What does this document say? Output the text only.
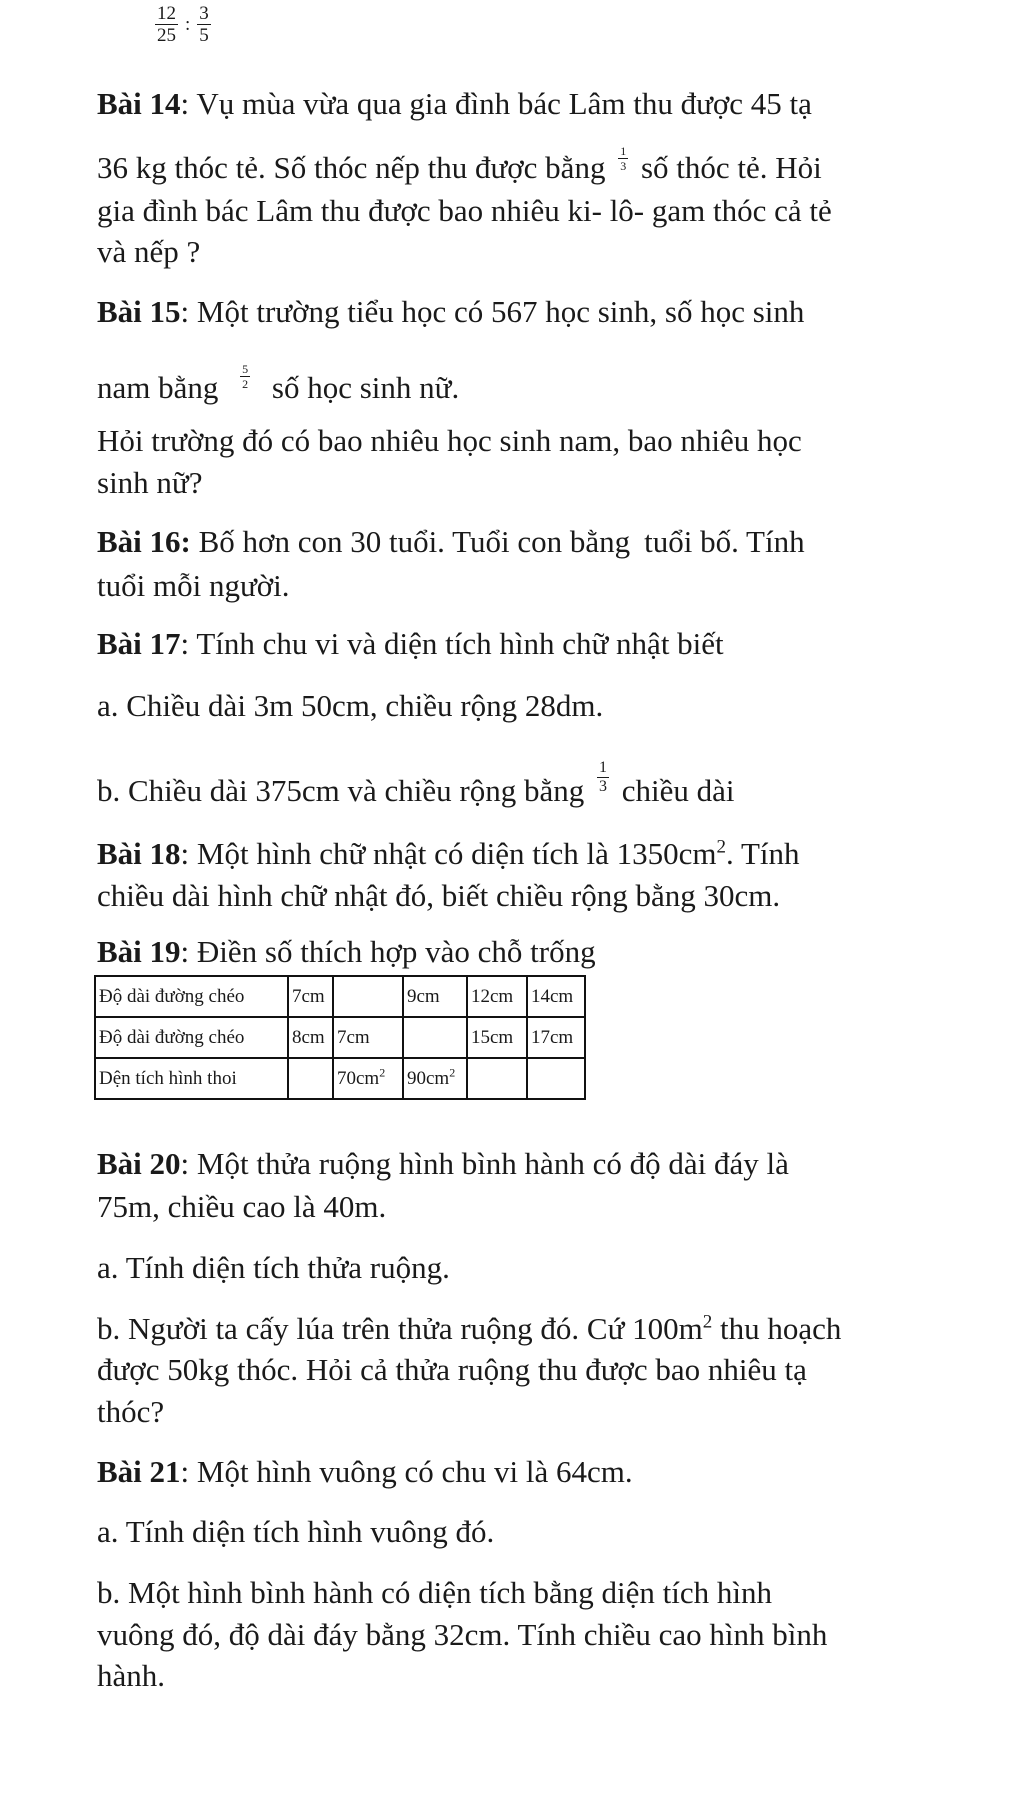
$\frac{12}{25}$ : $\frac{3}{5}$
Bài 14: Vụ mùa vừa qua gia đình bác Lâm thu được 45 tạ
36 kg thóc tẻ. Số thóc nếp thu được bằng $\frac{1}{3}$ số thóc tẻ. Hỏi
gia đình bác Lâm thu được bao nhiêu ki- lô- gam thóc cả tẻ
và nếp ?
Bài 15: Một trường tiểu học có 567 học sinh, số học sinh
nam bằng $\frac{5}{2}$ số học sinh nữ.
Hỏi trường đó có bao nhiêu học sinh nam, bao nhiêu học
sinh nữ?
Bài 16: Bố hơn con 30 tuổi. Tuổi con bằng tuổi bố. Tính
tuổi mỗi người.
Bài 17: Tính chu vi và diện tích hình chữ nhật biết
a. Chiều dài 3m 50cm, chiều rộng 28dm.
b. Chiều dài 375cm và chiều rộng bằng $\frac{1}{3}$ chiều dài
Bài 18: Một hình chữ nhật có diện tích là $1350cm^2$. Tính
chiều dài hình chữ nhật đó, biết chiều rộng bằng 30cm.
Bài 19: Điền số thích hợp vào chỗ trống
Độ dài đường chéo	7cm		9cm	12cm	14cm
Độ dài đường chéo	8cm	7cm		15cm	17cm
Dện tích hình thoi		$70cm^2$	$90cm^2$		
Bài 20: Một thửa ruộng hình bình hành có độ dài đáy là
75m, chiều cao là 40m.
a. Tính diện tích thửa ruộng.
b. Người ta cấy lúa trên thửa ruộng đó. Cứ $100m^2$ thu hoạch
được 50kg thóc. Hỏi cả thửa ruộng thu được bao nhiêu tạ
thóc?
Bài 21: Một hình vuông có chu vi là 64cm.
a. Tính diện tích hình vuông đó.
b. Một hình bình hành có diện tích bằng diện tích hình
vuông đó, độ dài đáy bằng 32cm. Tính chiều cao hình bình
hành.
